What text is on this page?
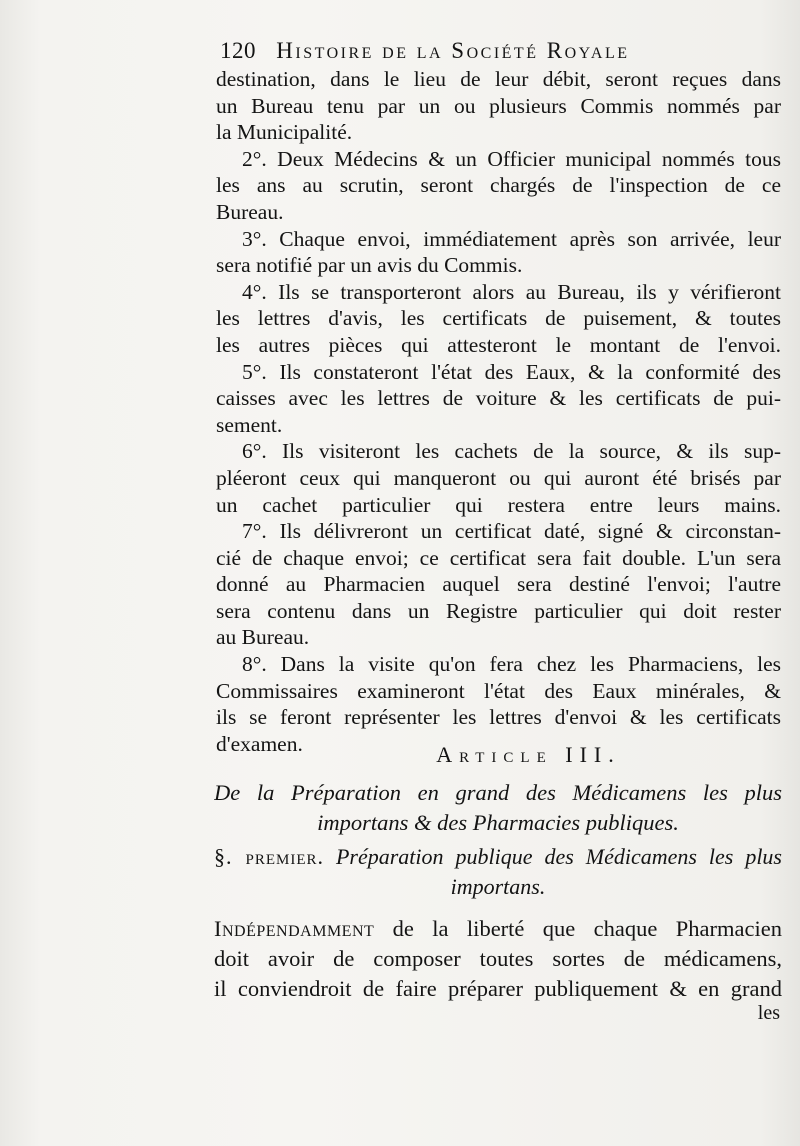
120 Histoire de la Société Royale
destination, dans le lieu de leur débit, seront reçues dans
un Bureau tenu par un ou plusieurs Commis nommés par
la Municipalité.
2°. Deux Médecins & un Officier municipal nommés tous
les ans au scrutin, seront chargés de l'inspection de ce
Bureau.
3°. Chaque envoi, immédiatement après son arrivée, leur
sera notifié par un avis du Commis.
4°. Ils se transporteront alors au Bureau, ils y vérifieront
les lettres d'avis, les certificats de puisement, & toutes
les autres pièces qui attesteront le montant de l'envoi.
5°. Ils constateront l'état des Eaux, & la conformité des
caisses avec les lettres de voiture & les certificats de pui-
sement.
6°. Ils visiteront les cachets de la source, & ils sup-
pléeront ceux qui manqueront ou qui auront été brisés par
un cachet particulier qui restera entre leurs mains.
7°. Ils délivreront un certificat daté, signé & circonstan-
cié de chaque envoi; ce certificat sera fait double. L'un sera
donné au Pharmacien auquel sera destiné l'envoi; l'autre
sera contenu dans un Registre particulier qui doit rester
au Bureau.
8°. Dans la visite qu'on fera chez les Pharmaciens, les
Commissaires examineront l'état des Eaux minérales, &
ils se feront représenter les lettres d'envoi & les certificats
d'examen.	Article III.
De la Préparation en grand des Médicamens les plus
importans & des Pharmacies publiques.
§. premier. Préparation publique des Médicamens les plus
importans.
Indépendamment de la liberté que chaque Pharmacien
doit avoir de composer toutes sortes de médicamens,
il conviendroit de faire préparer publiquement & en grand
les
